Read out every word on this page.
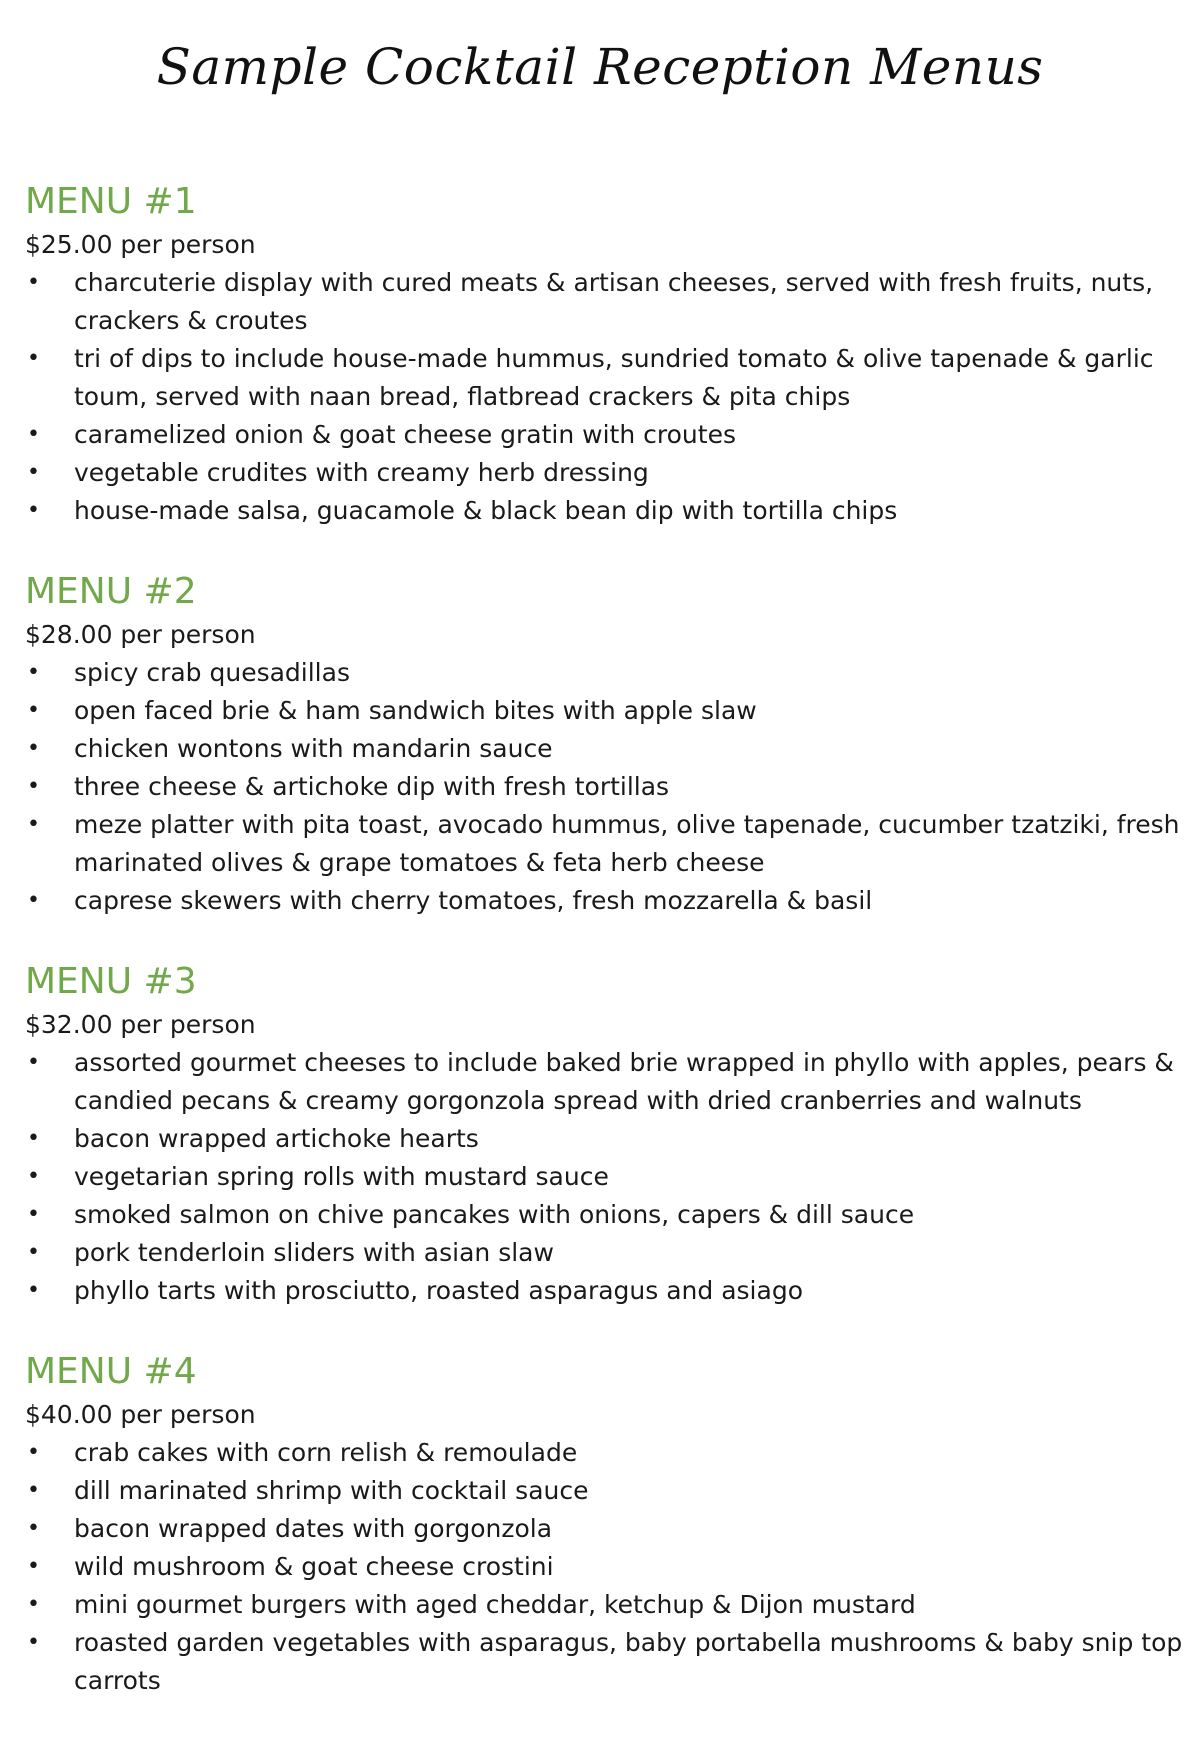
Sample Cocktail Reception Menus
MENU #1
$25.00 per person
• charcuterie display with cured meats & artisan cheeses, served with fresh fruits, nuts, crackers & croutes
• tri of dips to include house-made hummus, sundried tomato & olive tapenade & garlic toum, served with naan bread, flatbread crackers & pita chips
• caramelized onion & goat cheese gratin with croutes
• vegetable crudites with creamy herb dressing
• house-made salsa, guacamole & black bean dip with tortilla chips
MENU #2
$28.00 per person
• spicy crab quesadillas
• open faced brie & ham sandwich bites with apple slaw
• chicken wontons with mandarin sauce
• three cheese & artichoke dip with fresh tortillas
• meze platter with pita toast, avocado hummus, olive tapenade, cucumber tzatziki, fresh marinated olives & grape tomatoes & feta herb cheese
• caprese skewers with cherry tomatoes, fresh mozzarella & basil
MENU #3
$32.00 per person
• assorted gourmet cheeses to include baked brie wrapped in phyllo with apples, pears & candied pecans & creamy gorgonzola spread with dried cranberries and walnuts
• bacon wrapped artichoke hearts
• vegetarian spring rolls with mustard sauce
• smoked salmon on chive pancakes with onions, capers & dill sauce
• pork tenderloin sliders with asian slaw
• phyllo tarts with prosciutto, roasted asparagus and asiago
MENU #4
$40.00 per person
• crab cakes with corn relish & remoulade
• dill marinated shrimp with cocktail sauce
• bacon wrapped dates with gorgonzola
• wild mushroom & goat cheese crostini
• mini gourmet burgers with aged cheddar, ketchup & Dijon mustard
• roasted garden vegetables with asparagus, baby portabella mushrooms & baby snip top carrots
